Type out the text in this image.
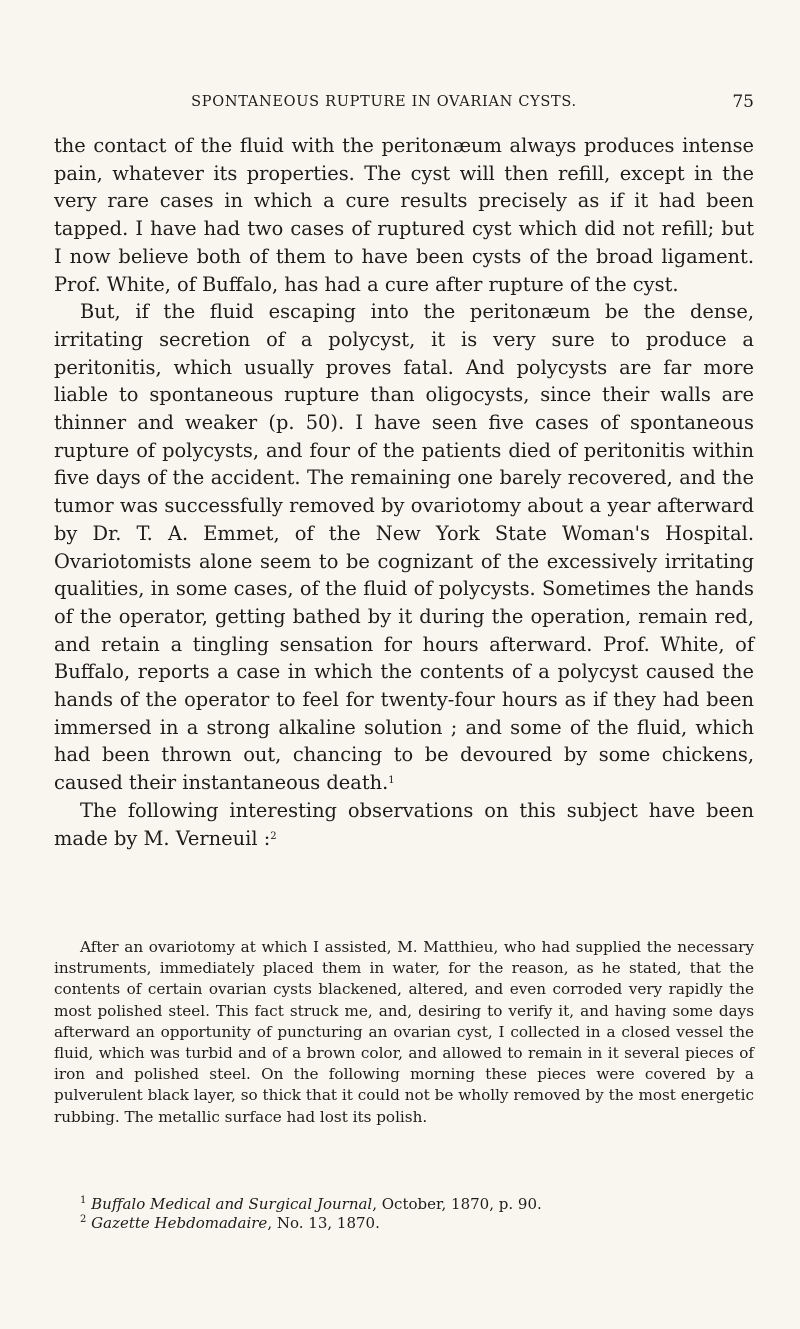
SPONTANEOUS RUPTURE IN OVARIAN CYSTS.	75

the contact of the fluid with the peritonæum always produces intense pain, whatever its properties. The cyst will then refill, except in the very rare cases in which a cure results precisely as if it had been tapped. I have had two cases of ruptured cyst which did not refill; but I now believe both of them to have been cysts of the broad ligament. Prof. White, of Buffalo, has had a cure after rupture of the cyst.

But, if the fluid escaping into the peritonæum be the dense, irritating secretion of a polycyst, it is very sure to produce a peritonitis, which usually proves fatal. And polycysts are far more liable to spontaneous rupture than oligocysts, since their walls are thinner and weaker (p. 50). I have seen five cases of spontaneous rupture of polycysts, and four of the patients died of peritonitis within five days of the accident. The remaining one barely recovered, and the tumor was successfully removed by ovariotomy about a year afterward by Dr. T. A. Emmet, of the New York State Woman's Hospital. Ovariotomists alone seem to be cognizant of the excessively irritating qualities, in some cases, of the fluid of polycysts. Sometimes the hands of the operator, getting bathed by it during the operation, remain red, and retain a tingling sensation for hours afterward. Prof. White, of Buffalo, reports a case in which the contents of a polycyst caused the hands of the operator to feel for twenty-four hours as if they had been immersed in a strong alkaline solution ; and some of the fluid, which had been thrown out, chancing to be devoured by some chickens, caused their instantaneous death.$^1$

The following interesting observations on this subject have been made by M. Verneuil :$^2$

After an ovariotomy at which I assisted, M. Matthieu, who had supplied the necessary instruments, immediately placed them in water, for the reason, as he stated, that the contents of certain ovarian cysts blackened, altered, and even corroded very rapidly the most polished steel. This fact struck me, and, desiring to verify it, and having some days afterward an opportunity of puncturing an ovarian cyst, I collected in a closed vessel the fluid, which was turbid and of a brown color, and allowed to remain in it several pieces of iron and polished steel. On the following morning these pieces were covered by a pulverulent black layer, so thick that it could not be wholly removed by the most energetic rubbing. The metallic surface had lost its polish.

$^1$ Buffalo Medical and Surgical Journal, October, 1870, p. 90.
$^2$ Gazette Hebdomadaire, No. 13, 1870.
